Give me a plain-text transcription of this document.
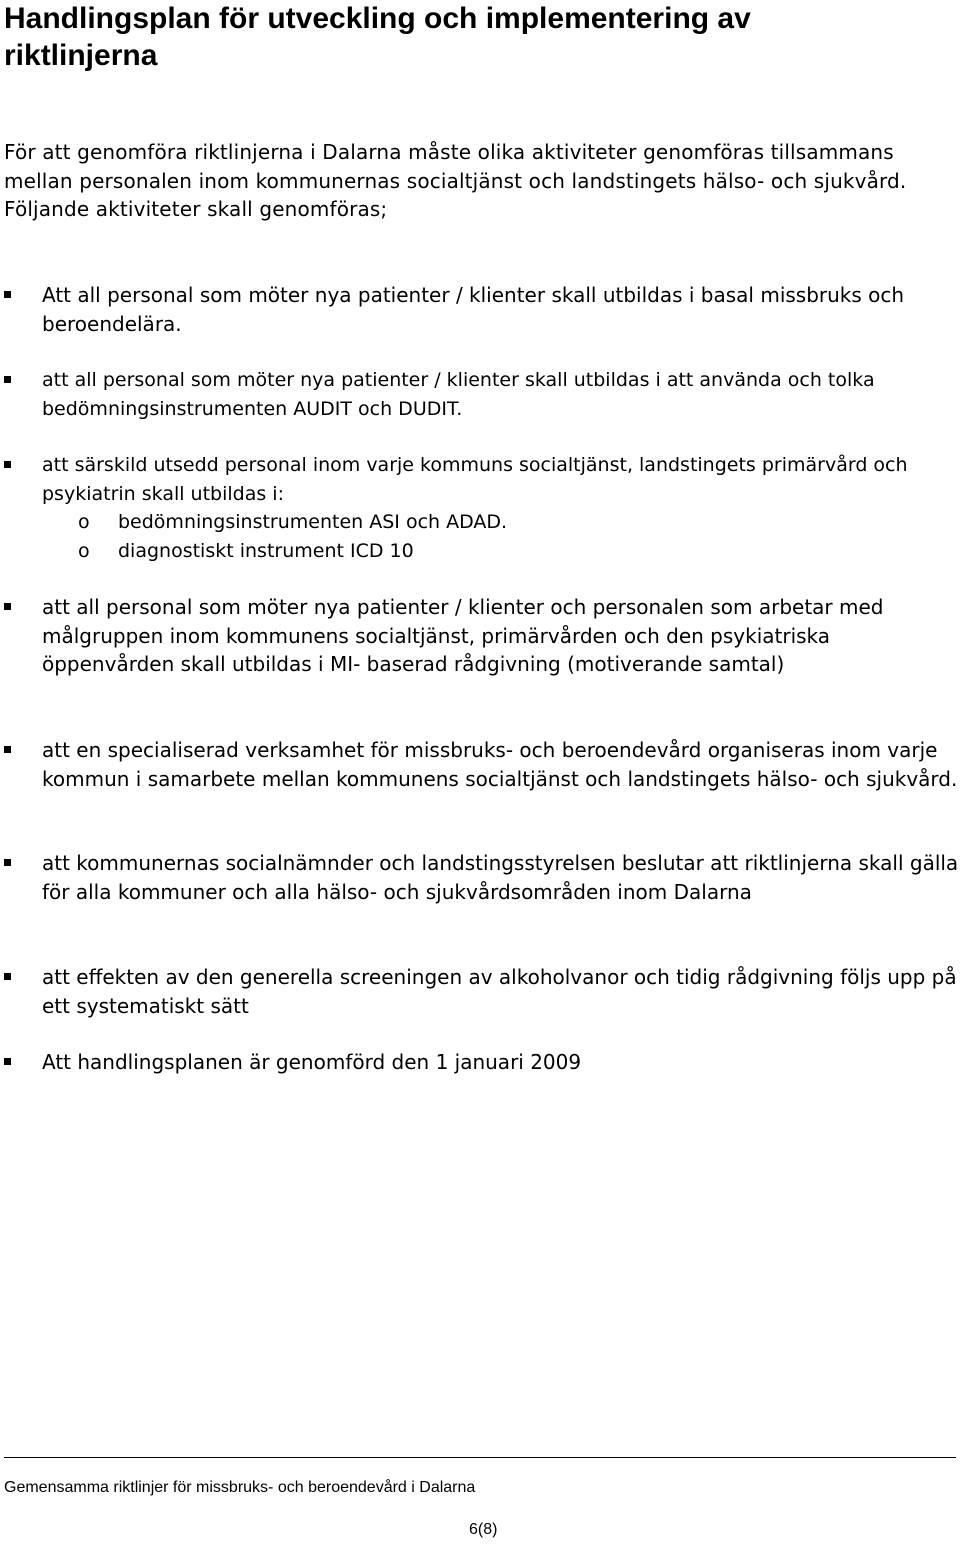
Handlingsplan för utveckling och implementering av riktlinjerna

För att genomföra riktlinjerna i Dalarna måste olika aktiviteter genomföras tillsammans mellan personalen inom kommunernas socialtjänst och landstingets hälso- och sjukvård. Följande aktiviteter skall genomföras;

Att all personal som möter nya patienter / klienter skall utbildas i basal missbruks och beroendelära.

att all personal som möter nya patienter / klienter skall utbildas i att använda och tolka bedömningsinstrumenten AUDIT och DUDIT.

att särskild utsedd personal inom varje kommuns socialtjänst, landstingets primärvård och psykiatrin skall utbildas i:

o bedömningsinstrumenten ASI och ADAD.

o diagnostiskt instrument ICD 10

att all personal som möter nya patienter / klienter och personalen som arbetar med målgruppen inom kommunens socialtjänst, primärvården och den psykiatriska öppenvården skall utbildas i MI- baserad rådgivning (motiverande samtal)

att en specialiserad verksamhet för missbruks- och beroendevård organiseras inom varje kommun i samarbete mellan kommunens socialtjänst och landstingets hälso- och sjukvård.

att kommunernas socialnämnder och landstingsstyrelsen beslutar att riktlinjerna skall gälla för alla kommuner och alla hälso- och sjukvårdsområden inom Dalarna

att effekten av den generella screeningen av alkoholvanor och tidig rådgivning följs upp på ett systematiskt sätt

Att handlingsplanen är genomförd den 1 januari 2009

Gemensamma riktlinjer för missbruks- och beroendevård i Dalarna

6(8)
